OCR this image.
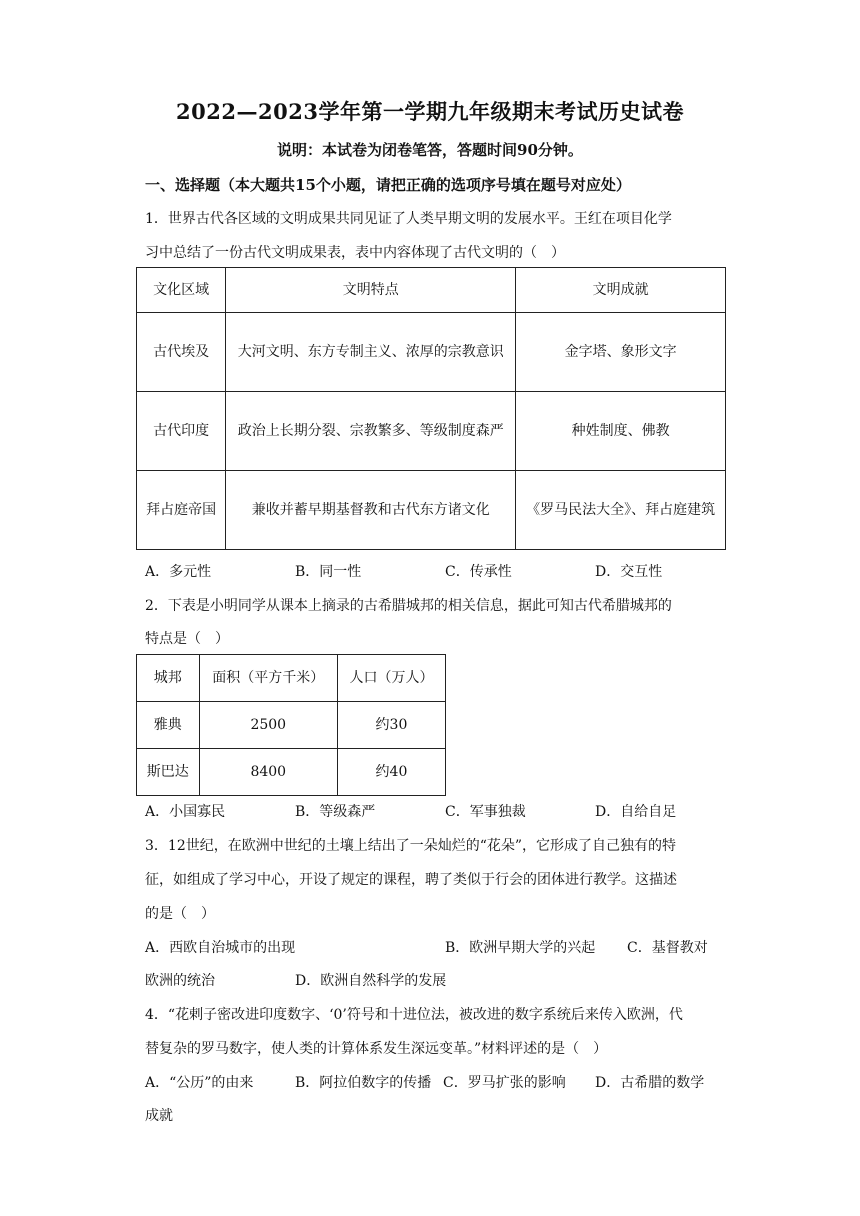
2022—2023学年第一学期九年级期末考试历史试卷
说明：本试卷为闭卷笔答，答题时间90分钟。
一、选择题（本大题共15个小题，请把正确的选项序号填在题号对应处）
1．世界古代各区域的文明成果共同见证了人类早期文明的发展水平。王红在项目化学
习中总结了一份古代文明成果表，表中内容体现了古代文明的（　）
文化区域	文明特点	文明成就
古代埃及	大河文明、东方专制主义、浓厚的宗教意识	金字塔、象形文字
古代印度	政治上长期分裂、宗教繁多、等级制度森严	种姓制度、佛教
拜占庭帝国	兼收并蓄早期基督教和古代东方诸文化	《罗马民法大全》、拜占庭建筑
A．多元性	B．同一性	C．传承性	D．交互性
2．下表是小明同学从课本上摘录的古希腊城邦的相关信息，据此可知古代希腊城邦的
特点是（　）
城邦	面积（平方千米）	人口（万人）
雅典	2500	约30
斯巴达	8400	约40
A．小国寡民	B．等级森严	C．军事独裁	D．自给自足
3．12世纪，在欧洲中世纪的土壤上结出了一朵灿烂的“花朵”，它形成了自己独有的特
征，如组成了学习中心，开设了规定的课程，聘了类似于行会的团体进行教学。这描述
的是（　）
A．西欧自治城市的出现	B．欧洲早期大学的兴起 C．基督教对
欧洲的统治	D．欧洲自然科学的发展
4．“花剌子密改进印度数字、‘0’符号和十进位法，被改进的数字系统后来传入欧洲，代
替复杂的罗马数字，使人类的计算体系发生深远变革。”材料评述的是（　）
A．“公历”的由来	B．阿拉伯数字的传播 C．罗马扩张的影响 D．古希腊的数学
成就
